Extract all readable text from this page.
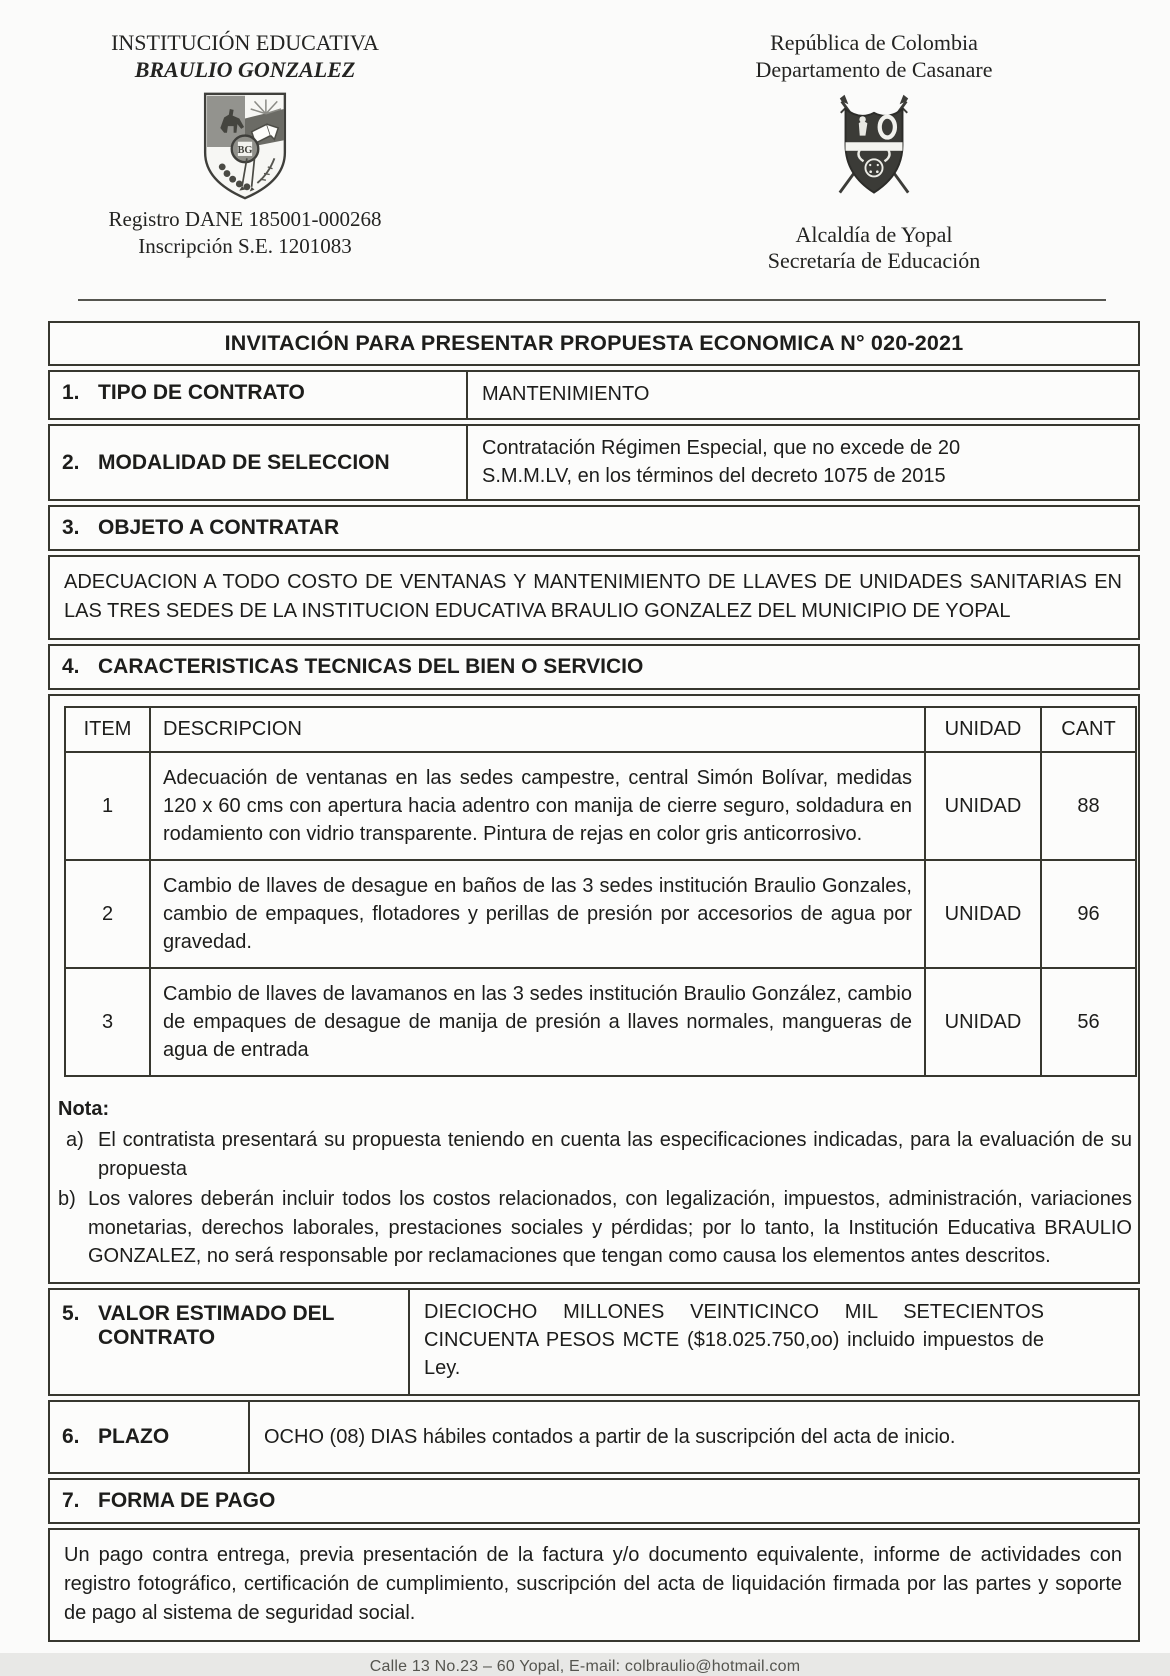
INSTITUCIÓN EDUCATIVA
BRAULIO GONZALEZ
BG
Registro DANE 185001-000268
Inscripción S.E. 1201083
República de Colombia
Departamento de Casanare
Alcaldía de Yopal
Secretaría de Educación
INVITACIÓN PARA PRESENTAR PROPUESTA ECONOMICA N° 020-2021
1. TIPO DE CONTRATO	MANTENIMIENTO
2. MODALIDAD DE SELECCION
Contratación Régimen Especial, que no excede de 20 S.M.M.LV, en los términos del decreto 1075 de 2015
3. OBJETO A CONTRATAR
ADECUACION A TODO COSTO DE VENTANAS Y MANTENIMIENTO DE LLAVES DE UNIDADES SANITARIAS EN LAS TRES SEDES DE LA INSTITUCION EDUCATIVA BRAULIO GONZALEZ DEL MUNICIPIO DE YOPAL
4. CARACTERISTICAS TECNICAS DEL BIEN O SERVICIO
ITEM	DESCRIPCION	UNIDAD	CANT
1	Adecuación de ventanas en las sedes campestre, central Simón Bolívar, medidas 120 x 60 cms con apertura hacia adentro con manija de cierre seguro, soldadura en rodamiento con vidrio transparente. Pintura de rejas en color gris anticorrosivo.	UNIDAD	88
2	Cambio de llaves de desague en baños de las 3 sedes institución Braulio Gonzales, cambio de empaques, flotadores y perillas de presión por accesorios de agua por gravedad.	UNIDAD	96
3	Cambio de llaves de lavamanos en las 3 sedes institución Braulio González, cambio de empaques de desague de manija de presión a llaves normales, mangueras de agua de entrada	UNIDAD	56
Nota:
a) El contratista presentará su propuesta teniendo en cuenta las especificaciones indicadas, para la evaluación de su propuesta
b) Los valores deberán incluir todos los costos relacionados, con legalización, impuestos, administración, variaciones monetarias, derechos laborales, prestaciones sociales y pérdidas; por lo tanto, la Institución Educativa BRAULIO GONZALEZ, no será responsable por reclamaciones que tengan como causa los elementos antes descritos.
5. VALOR ESTIMADO DEL CONTRATO
DIECIOCHO MILLONES VEINTICINCO MIL SETECIENTOS CINCUENTA PESOS MCTE ($18.025.750,oo) incluido impuestos de Ley.
6. PLAZO	OCHO (08) DIAS hábiles contados a partir de la suscripción del acta de inicio.
7. FORMA DE PAGO
Un pago contra entrega, previa presentación de la factura y/o documento equivalente, informe de actividades con registro fotográfico, certificación de cumplimiento, suscripción del acta de liquidación firmada por las partes y soporte de pago al sistema de seguridad social.
Calle 13 No.23 – 60 Yopal, E-mail: colbraulio@hotmail.com
